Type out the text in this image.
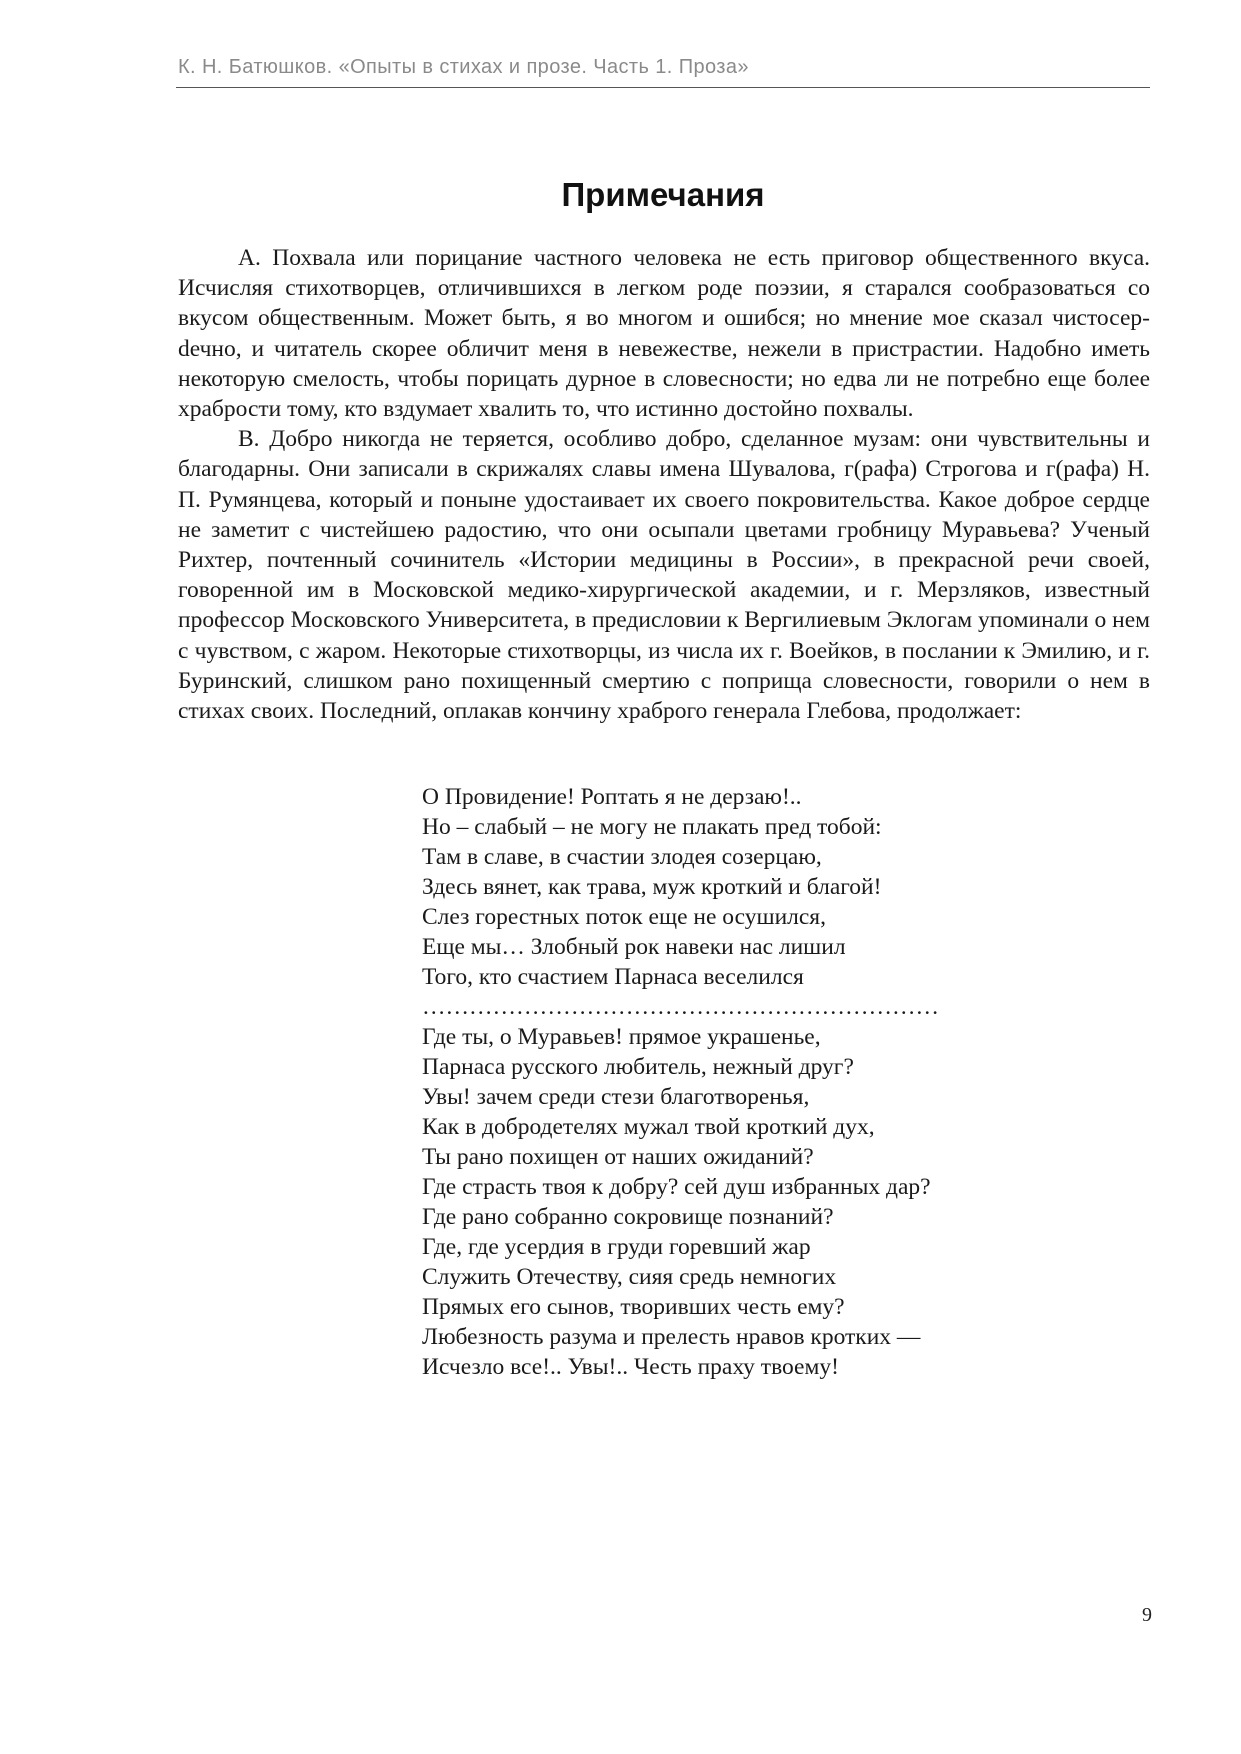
К. Н. Батюшков. «Опыты в стихах и прозе. Часть 1. Проза»
Примечания

А. Похвала или порицание частного человека не есть приговор общественного вкуса. Исчисляя стихотворцев, отличившихся в легком роде поэзии, я старался сообразоваться со вкусом общественным. Может быть, я во многом и ошибся; но мнение мое сказал чистосерdечно, и читатель скорее обличит меня в невежестве, нежели в пристрастии. Надобно иметь некоторую смелость, чтобы порицать дурное в словесности; но едва ли не потребно еще более храбрости тому, кто вздумает хвалить то, что истинно достойно похвалы.

В. Добро никогда не теряется, особливо добро, сделанное музам: они чувствительны и благодарны. Они записали в скрижалях славы имена Шувалова, г(рафа) Строгова и г(рафа) Н. П. Румянцева, который и поныне удостаивает их своего покровительства. Какое доброе сердце не заметит с чистейшею радостию, что они осыпали цветами гробницу Муравьева? Ученый Рихтер, почтенный сочинитель «Истории медицины в России», в прекрасной речи своей, говоренной им в Московской медико-хирургической академии, и г. Мерзляков, известный профессор Московского Университета, в предисловии к Вергилиевым Эклогам упоминали о нем с чувством, с жаром. Некоторые стихотворцы, из числа их г. Воейков, в послании к Эмилию, и г. Буринский, слишком рано похищенный смертию с поприща словесности, говорили о нем в стихах своих. Последний, оплакав кончину храброго генерала Глебова, продолжает:

О Провидение! Роптать я не дерзаю!..
Но – слабый – не могу не плакать пред тобой:
Там в славе, в счастии злодея созерцаю,
Здесь вянет, как трава, муж кроткий и благой!
Слез горестных поток еще не осушился,
Еще мы… Злобный рок навеки нас лишил
Того, кто счастием Парнаса веселился
…………………………………………………………
Где ты, о Муравьев! прямое украшенье,
Парнаса русского любитель, нежный друг?
Увы! зачем среди стези благотворенья,
Как в добродетелях мужал твой кроткий дух,
Ты рано похищен от наших ожиданий?
Где страсть твоя к добру? сей душ избранных дар?
Где рано собранно сокровище познаний?
Где, где усердия в груди горевший жар
Служить Отечеству, сияя средь немногих
Прямых его сынов, творивших честь ему?
Любезность разума и прелесть нравов кротких —
Исчезло все!.. Увы!.. Честь праху твоему!
9
